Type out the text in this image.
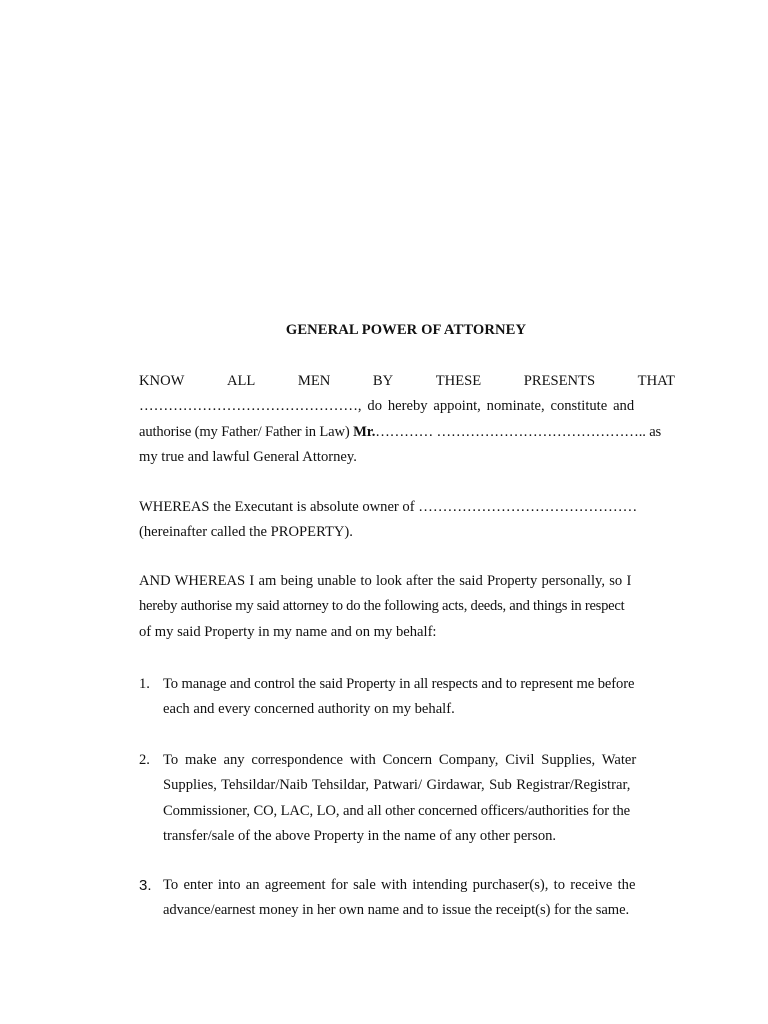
GENERAL POWER OF ATTORNEY
KNOW	ALL	MEN	BY	THESE	PRESENTS	THAT
………………………………………, do hereby appoint, nominate, constitute and
authorise (my Father/ Father in Law) Mr.………… …………………………………….. as
my true and lawful General Attorney.
WHEREAS the Executant is absolute owner of ………………………………………
(hereinafter called the PROPERTY).
AND WHEREAS I am being unable to look after the said Property personally, so I
hereby authorise my said attorney to do the following acts, deeds, and things in respect
of my said Property in my name and on my behalf:
1. To manage and control the said Property in all respects and to represent me before
each and every concerned authority on my behalf.
2. To make any correspondence with Concern Company, Civil Supplies, Water
Supplies, Tehsildar/Naib Tehsildar, Patwari/ Girdawar, Sub Registrar/Registrar,
Commissioner, CO, LAC, LO, and all other concerned officers/authorities for the
transfer/sale of the above Property in the name of any other person.
3. To enter into an agreement for sale with intending purchaser(s), to receive the
advance/earnest money in her own name and to issue the receipt(s) for the same.
